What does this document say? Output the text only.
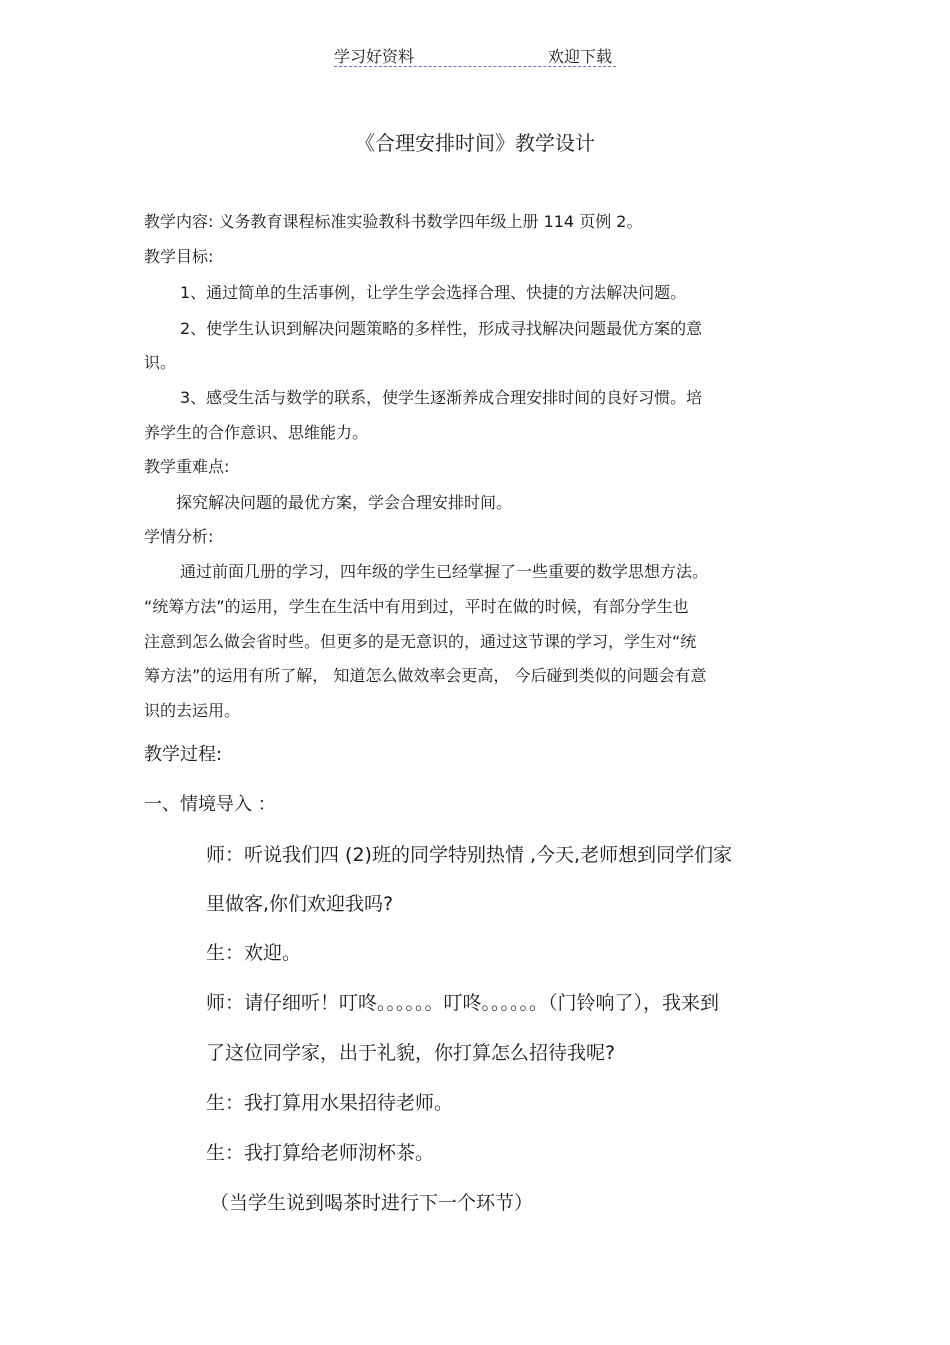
学习好资料	欢迎下载
《合理安排时间》教学设计
教学内容: 义务教育课程标准实验教科书数学四年级上册 114 页例 2。
教学目标:
1、通过简单的生活事例，让学生学会选择合理、快捷的方法解决问题。
2、使学生认识到解决问题策略的多样性，形成寻找解决问题最优方案的意
识。
3、感受生活与数学的联系，使学生逐渐养成合理安排时间的良好习惯。培
养学生的合作意识、思维能力。
教学重难点:
探究解决问题的最优方案，学会合理安排时间。
学情分析:
通过前面几册的学习，四年级的学生已经掌握了一些重要的数学思想方法。
“统筹方法”的运用，学生在生活中有用到过，平时在做的时候，有部分学生也
注意到怎么做会省时些。但更多的是无意识的，通过这节课的学习，学生对“统
筹方法”的运用有所了解， 知道怎么做效率会更高， 今后碰到类似的问题会有意
识的去运用。
教学过程:
一、情境导入 ：
师：听说我们四 (2)班的同学特别热情 ,今天,老师想到同学们家
里做客,你们欢迎我吗?
生：欢迎。
师：请仔细听！叮咚。。。。。。叮咚。。。。。。（门铃响了），我来到
了这位同学家，出于礼貌，你打算怎么招待我呢?
生：我打算用水果招待老师。
生：我打算给老师沏杯茶。
（当学生说到喝茶时进行下一个环节）
